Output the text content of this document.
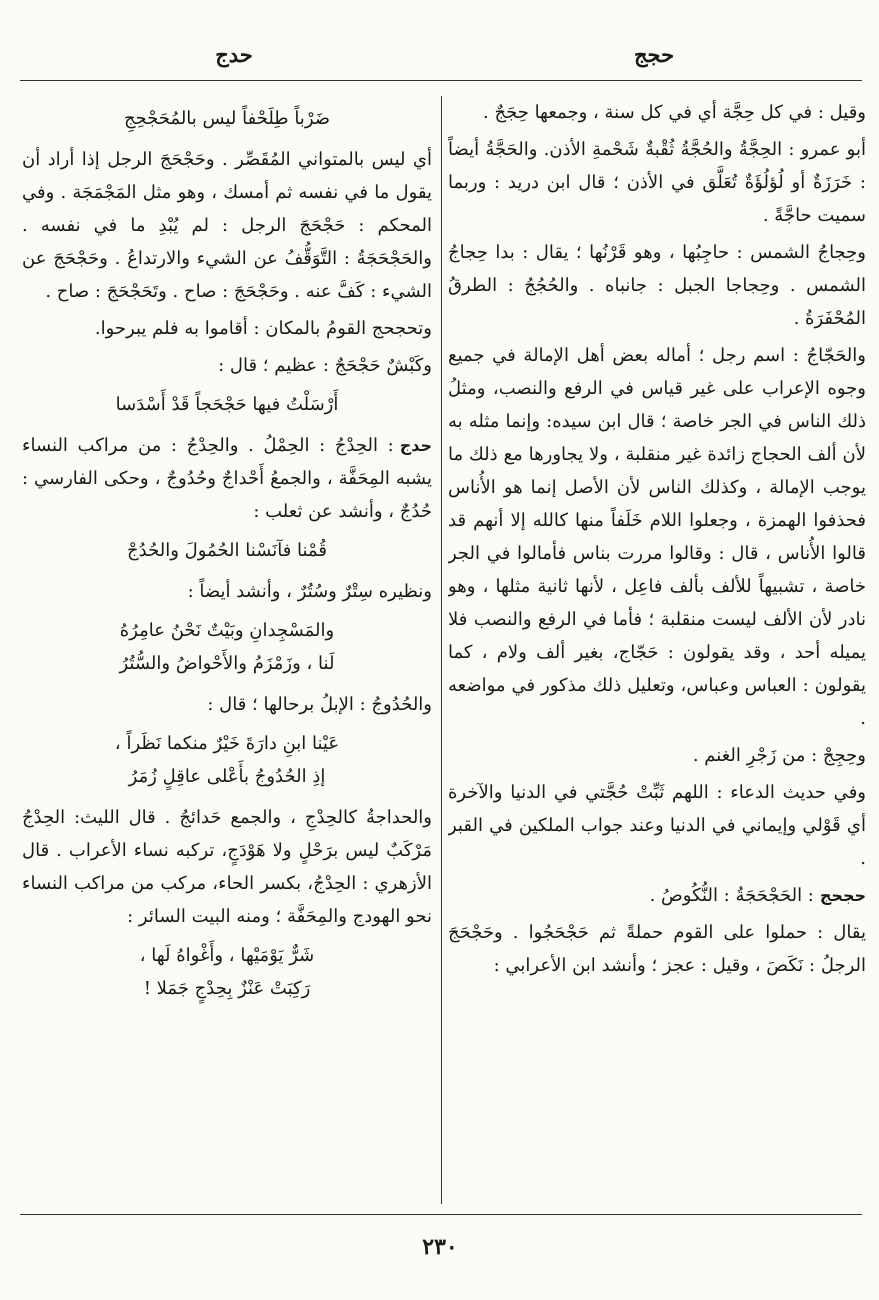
حجج
حدج

وقيل : في كل حِجَّة أي في كل سنة ، وجمعها حِجَجٌ .

أبو عمرو : الحِجَّةُ والحُجَّةُ ثُقْبةٌ شَحْمةِ الأذن. والحَجَّةُ أيضاً : خَرَزَةٌ أو لُؤلُؤَةٌ تُعَلَّق في الأذن ؛ قال ابن دريد : وربما سميت حاجَّةً .

وحِجاجُ الشمس : حاجِبُها ، وهو قَرْنُها ؛ يقال : بدا حِجاجُ الشمس . وحِجاجا الجبل : جانباه . والحُجُجُ : الطرقُ المُحْفَرَةُ .

والحَجّاجُ : اسم رجل ؛ أماله بعض أهل الإمالة في جميع وجوه الإعراب على غير قياس في الرفع والنصب، ومثلُ ذلك الناس في الجر خاصة ؛ قال ابن سيده: وإنما مثله به لأن ألف الحجاج زائدة غير منقلبة ، ولا يجاورها مع ذلك ما يوجب الإمالة ، وكذلك الناس لأن الأصل إنما هو الأُناس فحذفوا الهمزة ، وجعلوا اللام خَلَفاً منها كالله إلا أنهم قد قالوا الأُناس ، قال : وقالوا مررت بناس فأمالوا في الجر خاصة ، تشبيهاً للألف بألف فاعِل ، لأنها ثانية مثلها ، وهو نادر لأن الألف ليست منقلبة ؛ فأما في الرفع والنصب فلا يميله أحد ، وقد يقولون : حَجّاج، بغير ألف ولام ، كما يقولون : العباس وعباس، وتعليل ذلك مذكور في مواضعه .

وحِجِجْ : من زَجْرِ الغنم .

وفي حديث الدعاء : اللهم ثَبِّتْ حُجَّتي في الدنيا والآخرة أي قَوْلي وإيماني في الدنيا وعند جواب الملكين في القبر .

حجحج: الحَجْحَجَةُ : النُّكُوصُ .

يقال : حملوا على القوم حملةً ثم حَجْحَجُوا . وحَجْحَجَ الرجلُ : نَكَصَ ، وقيل : عجز ؛ وأنشد ابن الأعرابي :

ضَرْباً طِلَحْفاً ليس بالمُحَجْحِجِ

أي ليس بالمتواني المُقَصِّر . وحَجْحَجَ الرجل إذا أراد أن يقول ما في نفسه ثم أمسك ، وهو مثل المَجْمَجَة . وفي المحكم : حَجْحَجَ الرجل : لم يُبْدِ ما في نفسه . والحَجْحَجَةُ : التَّوَقُّفُ عن الشيء والارتداعُ . وحَجْحَجَ عن الشيء : كَفَّ عنه . وحَجْحَجَ : صاح . وتَحَجْحَجَ : صاح .

وتحجحج القومُ بالمكان : أقاموا به فلم يبرحوا.

وكَبْشٌ حَجْحَجٌ : عظيم ؛ قال :

أَرْسَلْتُ فيها حَجْحَجاً قَدْ أَسْدَسا

حدج: الحِدْجُ : الحِمْلُ . والحِدْجُ : من مراكب النساء يشبه المِحَفَّة ، والجمعُ أَحْداجٌ وحُدُوجٌ ، وحكى الفارسي : حُدُجٌ ، وأنشد عن ثعلب :

قُمْنا فآنَسْنا الحُمُولَ والحُدُجْ

ونظيره سِتْرٌ وسُتُرٌ ، وأنشد أيضاً :

والمَسْجِدانِ وبَيْتٌ نَحْنُ عامِرُهُ
لَنا ، وزَمْزَمُ والأَحْواضُ والسُّتُرُ

والحُدُوجُ : الإبلُ برحالها ؛ قال :

عَيْنا ابنِ دارَةَ خَيْرٌ منكما نَظَراً ،
إذِ الحُدُوجُ بأَعْلى عاقِلٍ زُمَرُ

والحداجةُ كالحِدْجِ ، والجمع حَدائجُ . قال الليث: الحِدْجُ مَرْكَبٌ ليس برَحْلٍ ولا هَوْدَجٍ، تركبه نساء الأعراب . قال الأزهري : الحِدْجُ، بكسر الحاء، مركب من مراكب النساء نحو الهودج والمِحَفَّة ؛ ومنه البيت السائر :

شَرٌّ يَوْمَيْها ، وأَغْواهُ لَها ،
رَكِبَتْ عَنْزٌ بِحِدْجٍ جَمَلا !
٢٣٠
